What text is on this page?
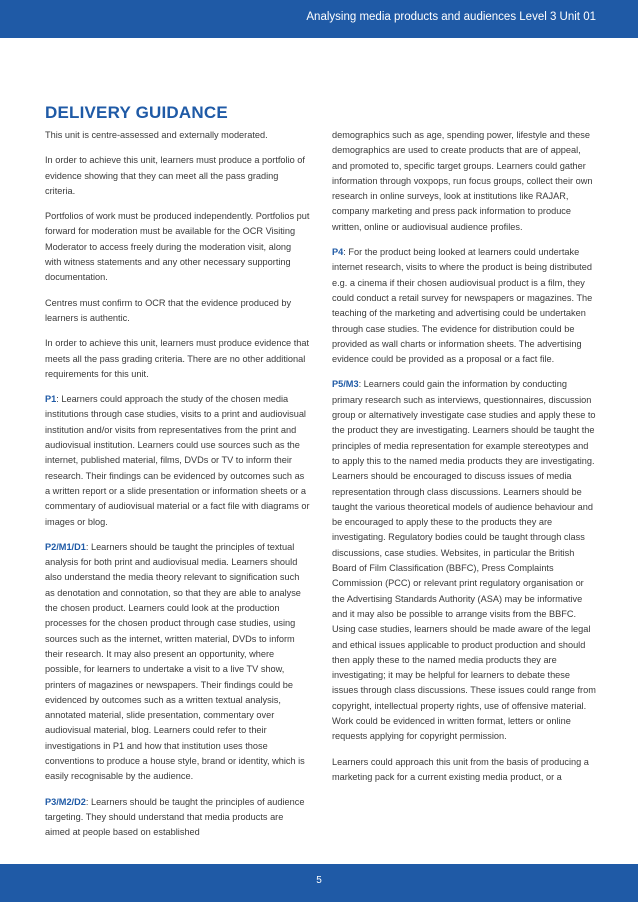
Analysing media products and audiences Level 3 Unit 01
DELIVERY GUIDANCE

This unit is centre-assessed and externally moderated.

In order to achieve this unit, learners must produce a portfolio of evidence showing that they can meet all the pass grading criteria.

Portfolios of work must be produced independently. Portfolios put forward for moderation must be available for the OCR Visiting Moderator to access freely during the moderation visit, along with witness statements and any other necessary supporting documentation.

Centres must confirm to OCR that the evidence produced by learners is authentic.

In order to achieve this unit, learners must produce evidence that meets all the pass grading criteria. There are no other additional requirements for this unit.

P1: Learners could approach the study of the chosen media institutions through case studies, visits to a print and audiovisual institution and/or visits from representatives from the print and audiovisual institution. Learners could use sources such as the internet, published material, films, DVDs or TV to inform their research. Their findings can be evidenced by outcomes such as a written report or a slide presentation or information sheets or a commentary of audiovisual material or a fact file with diagrams or images or blog.

P2/M1/D1: Learners should be taught the principles of textual analysis for both print and audiovisual media. Learners should also understand the media theory relevant to signification such as denotation and connotation, so that they are able to analyse the chosen product. Learners could look at the production processes for the chosen product through case studies, using sources such as the internet, written material, DVDs to inform their research. It may also present an opportunity, where possible, for learners to undertake a visit to a live TV show, printers of magazines or newspapers. Their findings could be evidenced by outcomes such as a written textual analysis, annotated material, slide presentation, commentary over audiovisual material, blog. Learners could refer to their investigations in P1 and how that institution uses those conventions to produce a house style, brand or identity, which is easily recognisable by the audience.

P3/M2/D2: Learners should be taught the principles of audience targeting. They should understand that media products are aimed at people based on established

demographics such as age, spending power, lifestyle and these demographics are used to create products that are of appeal, and promoted to, specific target groups. Learners could gather information through voxpops, run focus groups, collect their own research in online surveys, look at institutions like RAJAR, company marketing and press pack information to produce written, online or audiovisual audience profiles.

P4: For the product being looked at learners could undertake internet research, visits to where the product is being distributed e.g. a cinema if their chosen audiovisual product is a film, they could conduct a retail survey for newspapers or magazines. The teaching of the marketing and advertising could be undertaken through case studies. The evidence for distribution could be provided as wall charts or information sheets. The advertising evidence could be provided as a proposal or a fact file.

P5/M3: Learners could gain the information by conducting primary research such as interviews, questionnaires, discussion group or alternatively investigate case studies and apply these to the product they are investigating. Learners should be taught the principles of media representation for example stereotypes and to apply this to the named media products they are investigating. Learners should be encouraged to discuss issues of media representation through class discussions. Learners should be taught the various theoretical models of audience behaviour and be encouraged to apply these to the products they are investigating. Regulatory bodies could be taught through class discussions, case studies. Websites, in particular the British Board of Film Classification (BBFC), Press Complaints Commission (PCC) or relevant print regulatory organisation or the Advertising Standards Authority (ASA) may be informative and it may also be possible to arrange visits from the BBFC. Using case studies, learners should be made aware of the legal and ethical issues applicable to product production and should then apply these to the named media products they are investigating; it may be helpful for learners to debate these issues through class discussions. These issues could range from copyright, intellectual property rights, use of offensive material. Work could be evidenced in written format, letters or online requests applying for copyright permission.

Learners could approach this unit from the basis of producing a marketing pack for a current existing media product, or a

5
